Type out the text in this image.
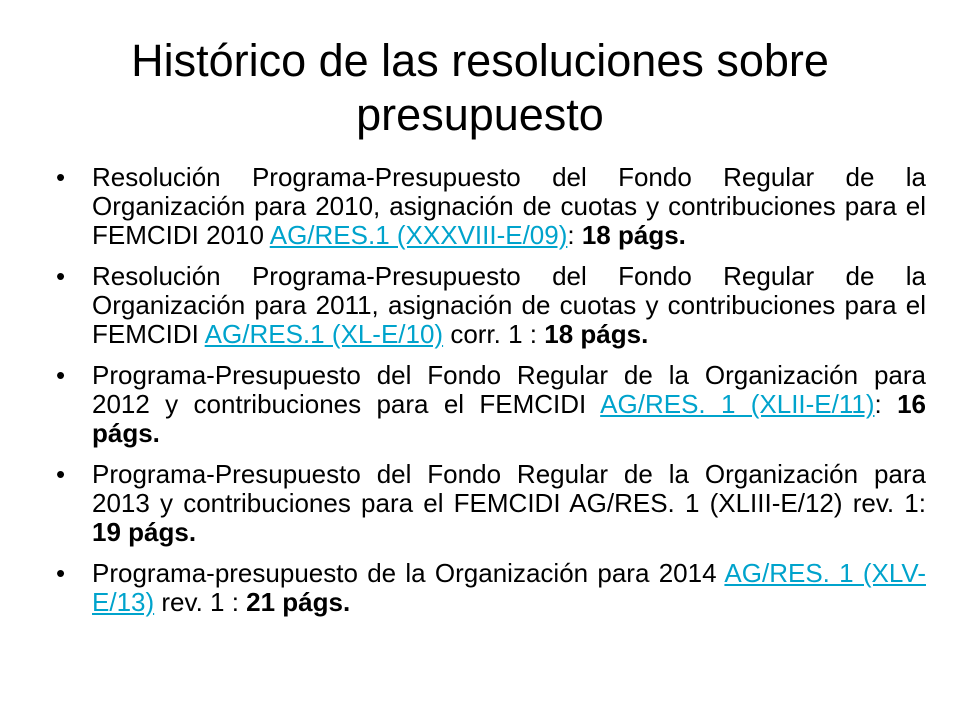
Histórico de las resoluciones sobre presupuesto
• Resolución Programa-Presupuesto del Fondo Regular de la Organización para 2010, asignación de cuotas y contribuciones para el FEMCIDI 2010 AG/RES.1 (XXXVIII-E/09): 18 págs.
• Resolución Programa-Presupuesto del Fondo Regular de la Organización para 2011, asignación de cuotas y contribuciones para el FEMCIDI AG/RES.1 (XL-E/10) corr. 1 : 18 págs.
• Programa-Presupuesto del Fondo Regular de la Organización para 2012 y contribuciones para el FEMCIDI AG/RES. 1 (XLII-E/11): 16 págs.
• Programa-Presupuesto del Fondo Regular de la Organización para 2013 y contribuciones para el FEMCIDI AG/RES. 1 (XLIII-E/12) rev. 1: 19 págs.
• Programa-presupuesto de la Organización para 2014 AG/RES. 1 (XLV-E/13) rev. 1 : 21 págs.
